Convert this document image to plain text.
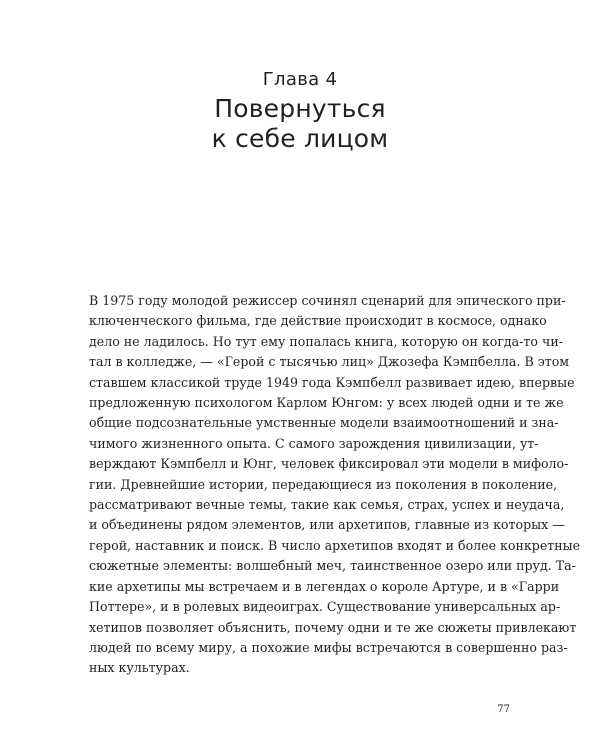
Глава 4
Повернуться
к себе лицом
В 1975 году молодой режиссер сочинял сценарий для эпического при-
ключенческого фильма, где действие происходит в космосе, однако
дело не ладилось. Но тут ему попалась книга, которую он когда-то чи-
тал в колледже, — «Герой с тысячью лиц» Джозефа Кэмпбелла. В этом
ставшем классикой труде 1949 года Кэмпбелл развивает идею, впервые
предложенную психологом Карлом Юнгом: у всех людей одни и те же
общие подсознательные умственные модели взаимоотношений и зна-
чимого жизненного опыта. С самого зарождения цивилизации, ут-
верждают Кэмпбелл и Юнг, человек фиксировал эти модели в мифоло-
гии. Древнейшие истории, передающиеся из поколения в поколение,
рассматривают вечные темы, такие как семья, страх, успех и неудача,
и объединены рядом элементов, или архетипов, главные из которых —
герой, наставник и поиск. В число архетипов входят и более конкретные
сюжетные элементы: волшебный меч, таинственное озеро или пруд. Та-
кие архетипы мы встречаем и в легендах о короле Артуре, и в «Гарри
Поттере», и в ролевых видеоиграх. Существование универсальных ар-
хетипов позволяет объяснить, почему одни и те же сюжеты привлекают
людей по всему миру, а похожие мифы встречаются в совершенно раз-
ных культурах.
77
